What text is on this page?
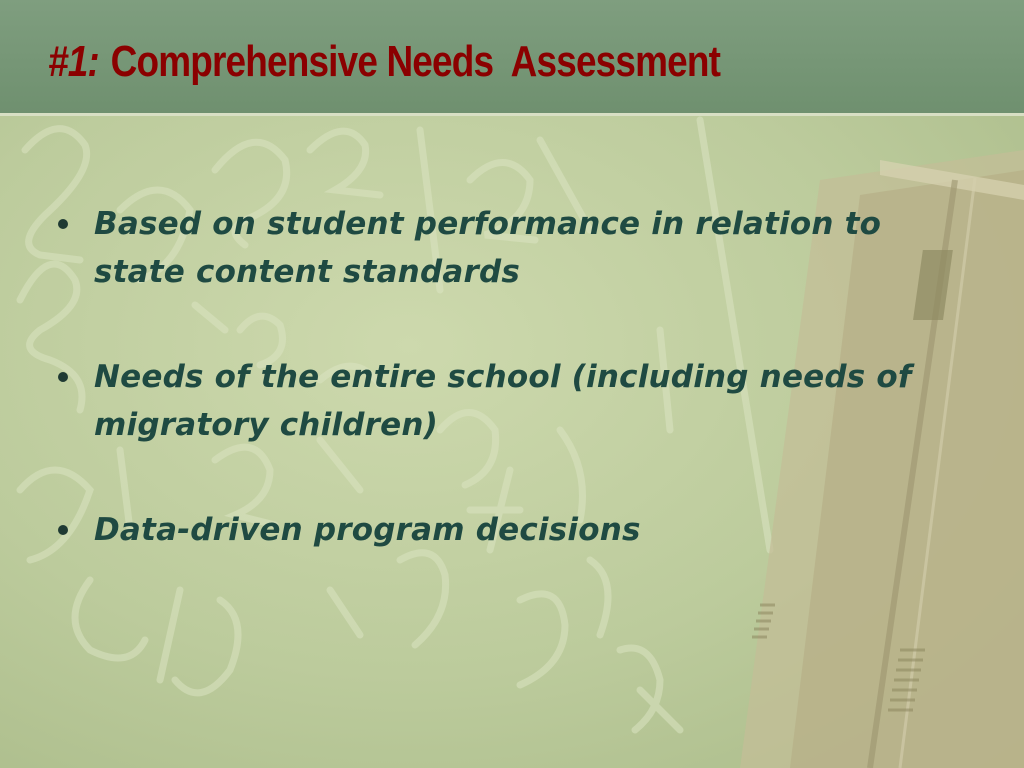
#1: Comprehensive Needs  Assessment
Based on student performance in relation to state content standards
Needs of the entire school (including needs of migratory children)
Data-driven program decisions
